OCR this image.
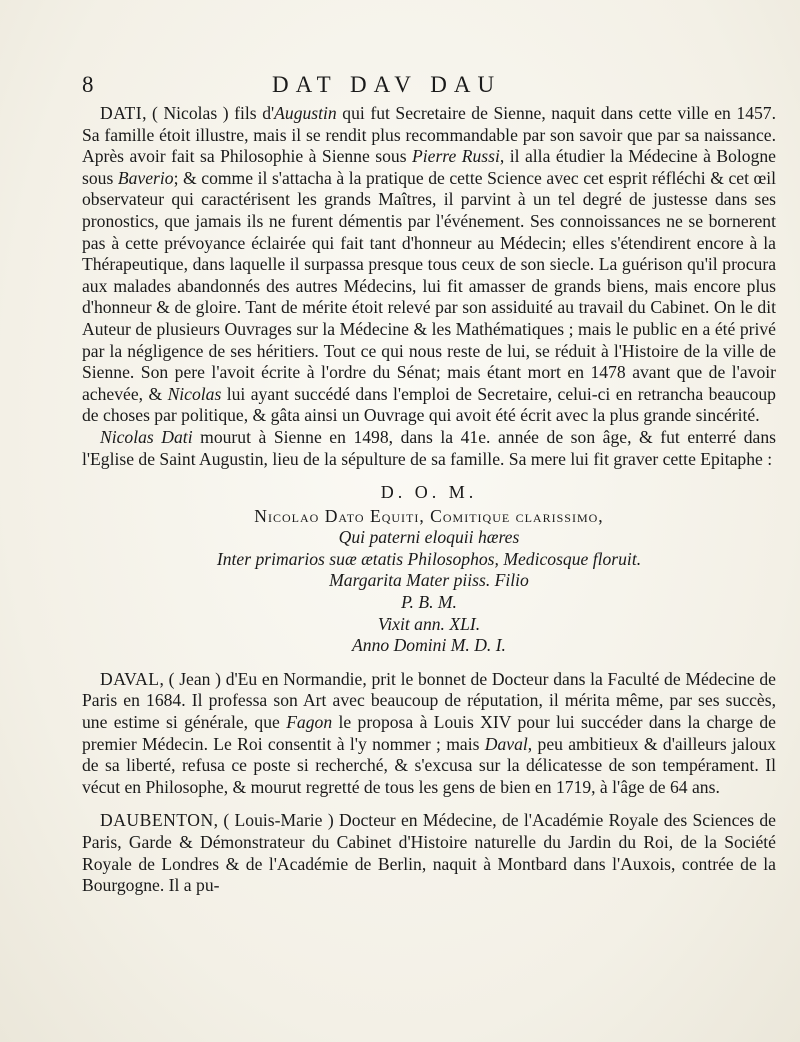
8	DAT DAV DAU

DATI, ( Nicolas ) fils d'Augustin qui fut Secretaire de Sienne, naquit dans cette ville en 1457. Sa famille étoit illustre, mais il se rendit plus recommandable par son savoir que par sa naissance. Après avoir fait sa Philosophie à Sienne sous Pierre Russi, il alla étudier la Médecine à Bologne sous Baverio; & comme il s'attacha à la pratique de cette Science avec cet esprit réfléchi & cet œil observateur qui caractérisent les grands Maîtres, il parvint à un tel degré de justesse dans ses pronostics, que jamais ils ne furent démentis par l'événement. Ses connoissances ne se bornerent pas à cette prévoyance éclairée qui fait tant d'honneur au Médecin; elles s'étendirent encore à la Thérapeutique, dans laquelle il surpassa presque tous ceux de son siecle. La guérison qu'il procura aux malades abandonnés des autres Médecins, lui fit amasser de grands biens, mais encore plus d'honneur & de gloire. Tant de mérite étoit relevé par son assiduité au travail du Cabinet. On le dit Auteur de plusieurs Ouvrages sur la Médecine & les Mathématiques ; mais le public en a été privé par la négligence de ses héritiers. Tout ce qui nous reste de lui, se réduit à l'Histoire de la ville de Sienne. Son pere l'avoit écrite à l'ordre du Sénat; mais étant mort en 1478 avant que de l'avoir achevée, & Nicolas lui ayant succédé dans l'emploi de Secretaire, celui-ci en retrancha beaucoup de choses par politique, & gâta ainsi un Ouvrage qui avoit été écrit avec la plus grande sincérité.

Nicolas Dati mourut à Sienne en 1498, dans la 41e. année de son âge, & fut enterré dans l'Eglise de Saint Augustin, lieu de la sépulture de sa famille. Sa mere lui fit graver cette Epitaphe :

D. O. M.
Nicolao Dato Equiti, Comitique clarissimo,
Qui paterni eloquii hæres
Inter primarios suæ ætatis Philosophos, Medicosque floruit.
Margarita Mater piiss. Filio
P. B. M.
Vixit ann. XLI.
Anno Domini M. D. I.

DAVAL, ( Jean ) d'Eu en Normandie, prit le bonnet de Docteur dans la Faculté de Médecine de Paris en 1684. Il professa son Art avec beaucoup de réputation, il mérita même, par ses succès, une estime si générale, que Fagon le proposa à Louis XIV pour lui succéder dans la charge de premier Médecin. Le Roi consentit à l'y nommer ; mais Daval, peu ambitieux & d'ailleurs jaloux de sa liberté, refusa ce poste si recherché, & s'excusa sur la délicatesse de son tempérament. Il vécut en Philosophe, & mourut regretté de tous les gens de bien en 1719, à l'âge de 64 ans.

DAUBENTON, ( Louis-Marie ) Docteur en Médecine, de l'Académie Royale des Sciences de Paris, Garde & Démonstrateur du Cabinet d'Histoire naturelle du Jardin du Roi, de la Société Royale de Londres & de l'Académie de Berlin, naquit à Montbard dans l'Auxois, contrée de la Bourgogne. Il a pu-
